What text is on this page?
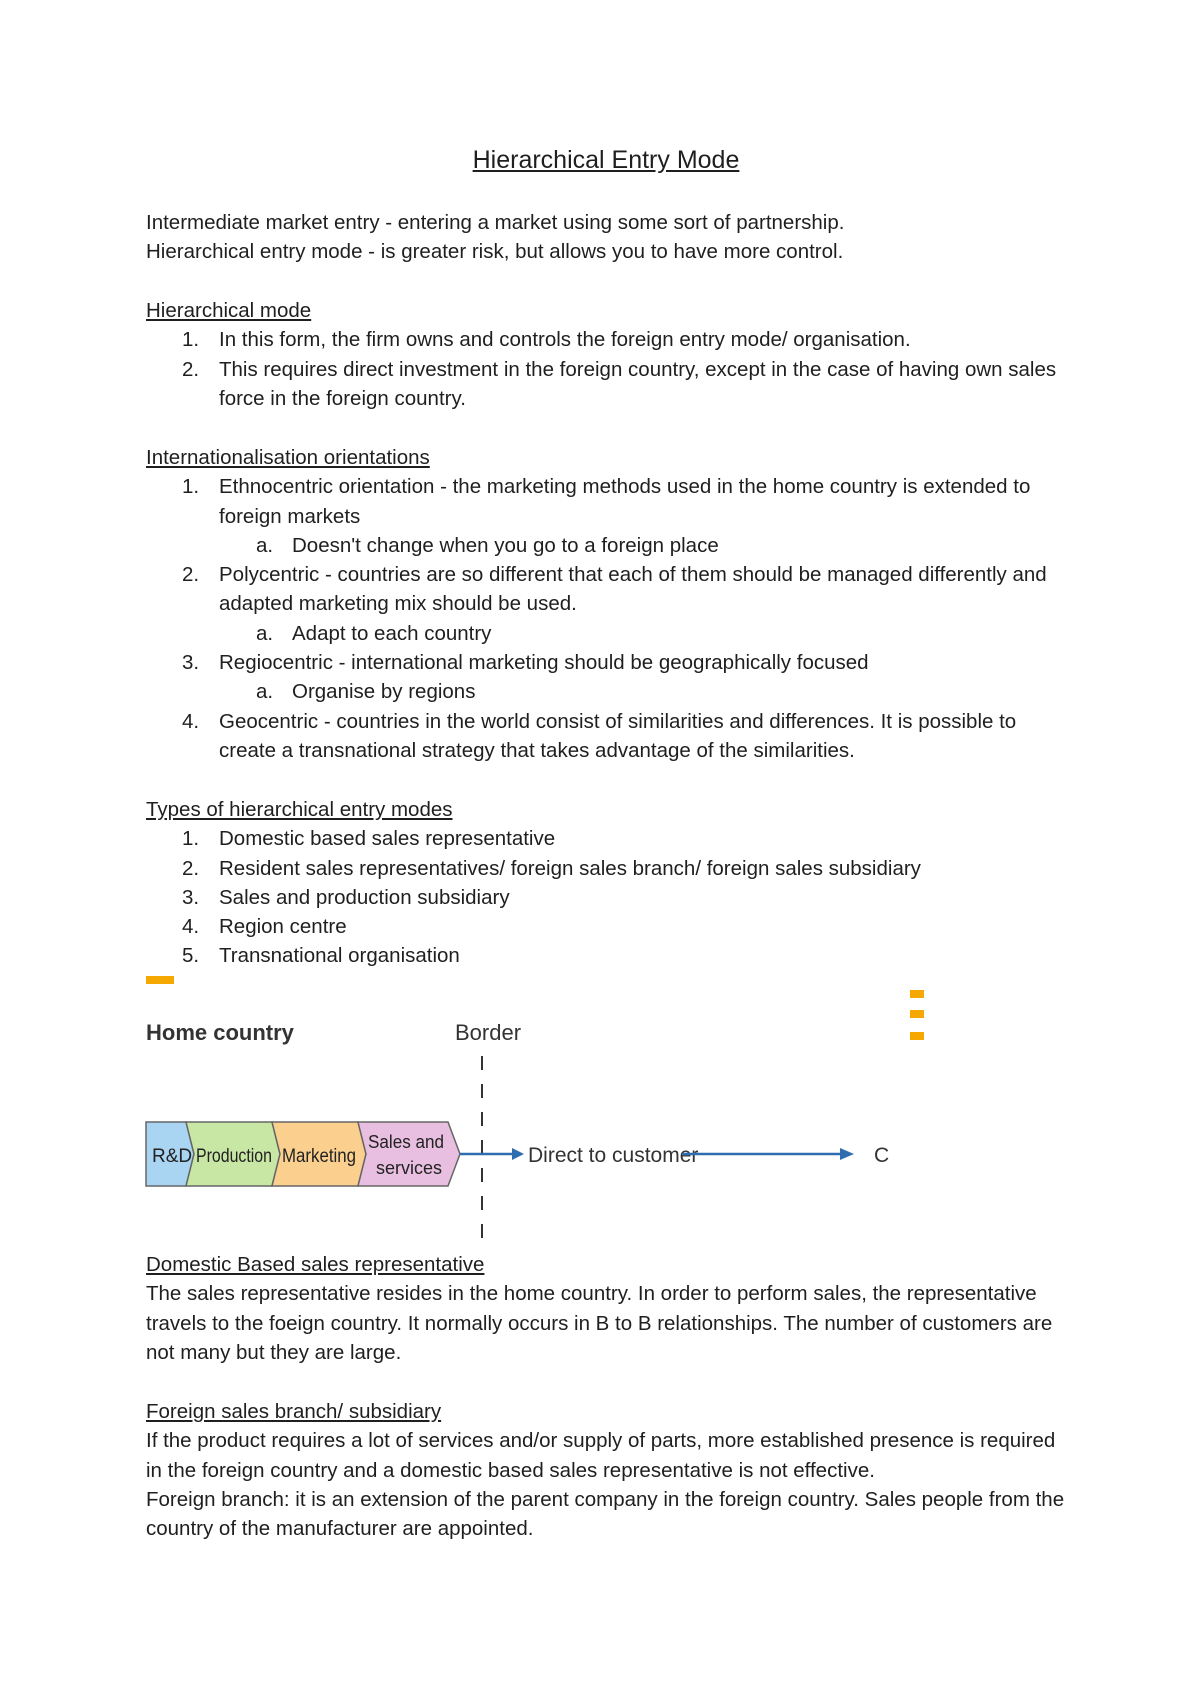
Hierarchical Entry Mode

Intermediate market entry - entering a market using some sort of partnership.

Hierarchical entry mode - is greater risk, but allows you to have more control.

Hierarchical mode

1. In this form, the firm owns and controls the foreign entry mode/ organisation.
2. This requires direct investment in the foreign country, except in the case of having own sales force in the foreign country.

Internationalisation orientations

1. Ethnocentric orientation - the marketing methods used in the home country is extended to foreign markets
a. Doesn't change when you go to a foreign place
2. Polycentric - countries are so different that each of them should be managed differently and adapted marketing mix should be used.
a. Adapt to each country
3. Regiocentric - international marketing should be geographically focused
a. Organise by regions
4. Geocentric - countries in the world consist of similarities and differences. It is possible to create a transnational strategy that takes advantage of the similarities.

Types of hierarchical entry modes

1. Domestic based sales representative
2. Resident sales representatives/ foreign sales branch/ foreign sales subsidiary
3. Sales and production subsidiary
4. Region centre
5. Transnational organisation

Domestic Based sales representative

The sales representative resides in the home country. In order to perform sales, the representative travels to the foeign country. It normally occurs in B to B relationships. The number of customers are not many but they are large.

Foreign sales branch/ subsidiary

If the product requires a lot of services and/or supply of parts, more established presence is required in the foreign country and a domestic based sales representative is not effective.

Foreign branch: it is an extension of the parent company in the foreign country. Sales people from the country of the manufacturer are appointed.

Home country	Border
R&D Production Marketing
Sales and
services
Direct to customer	C
